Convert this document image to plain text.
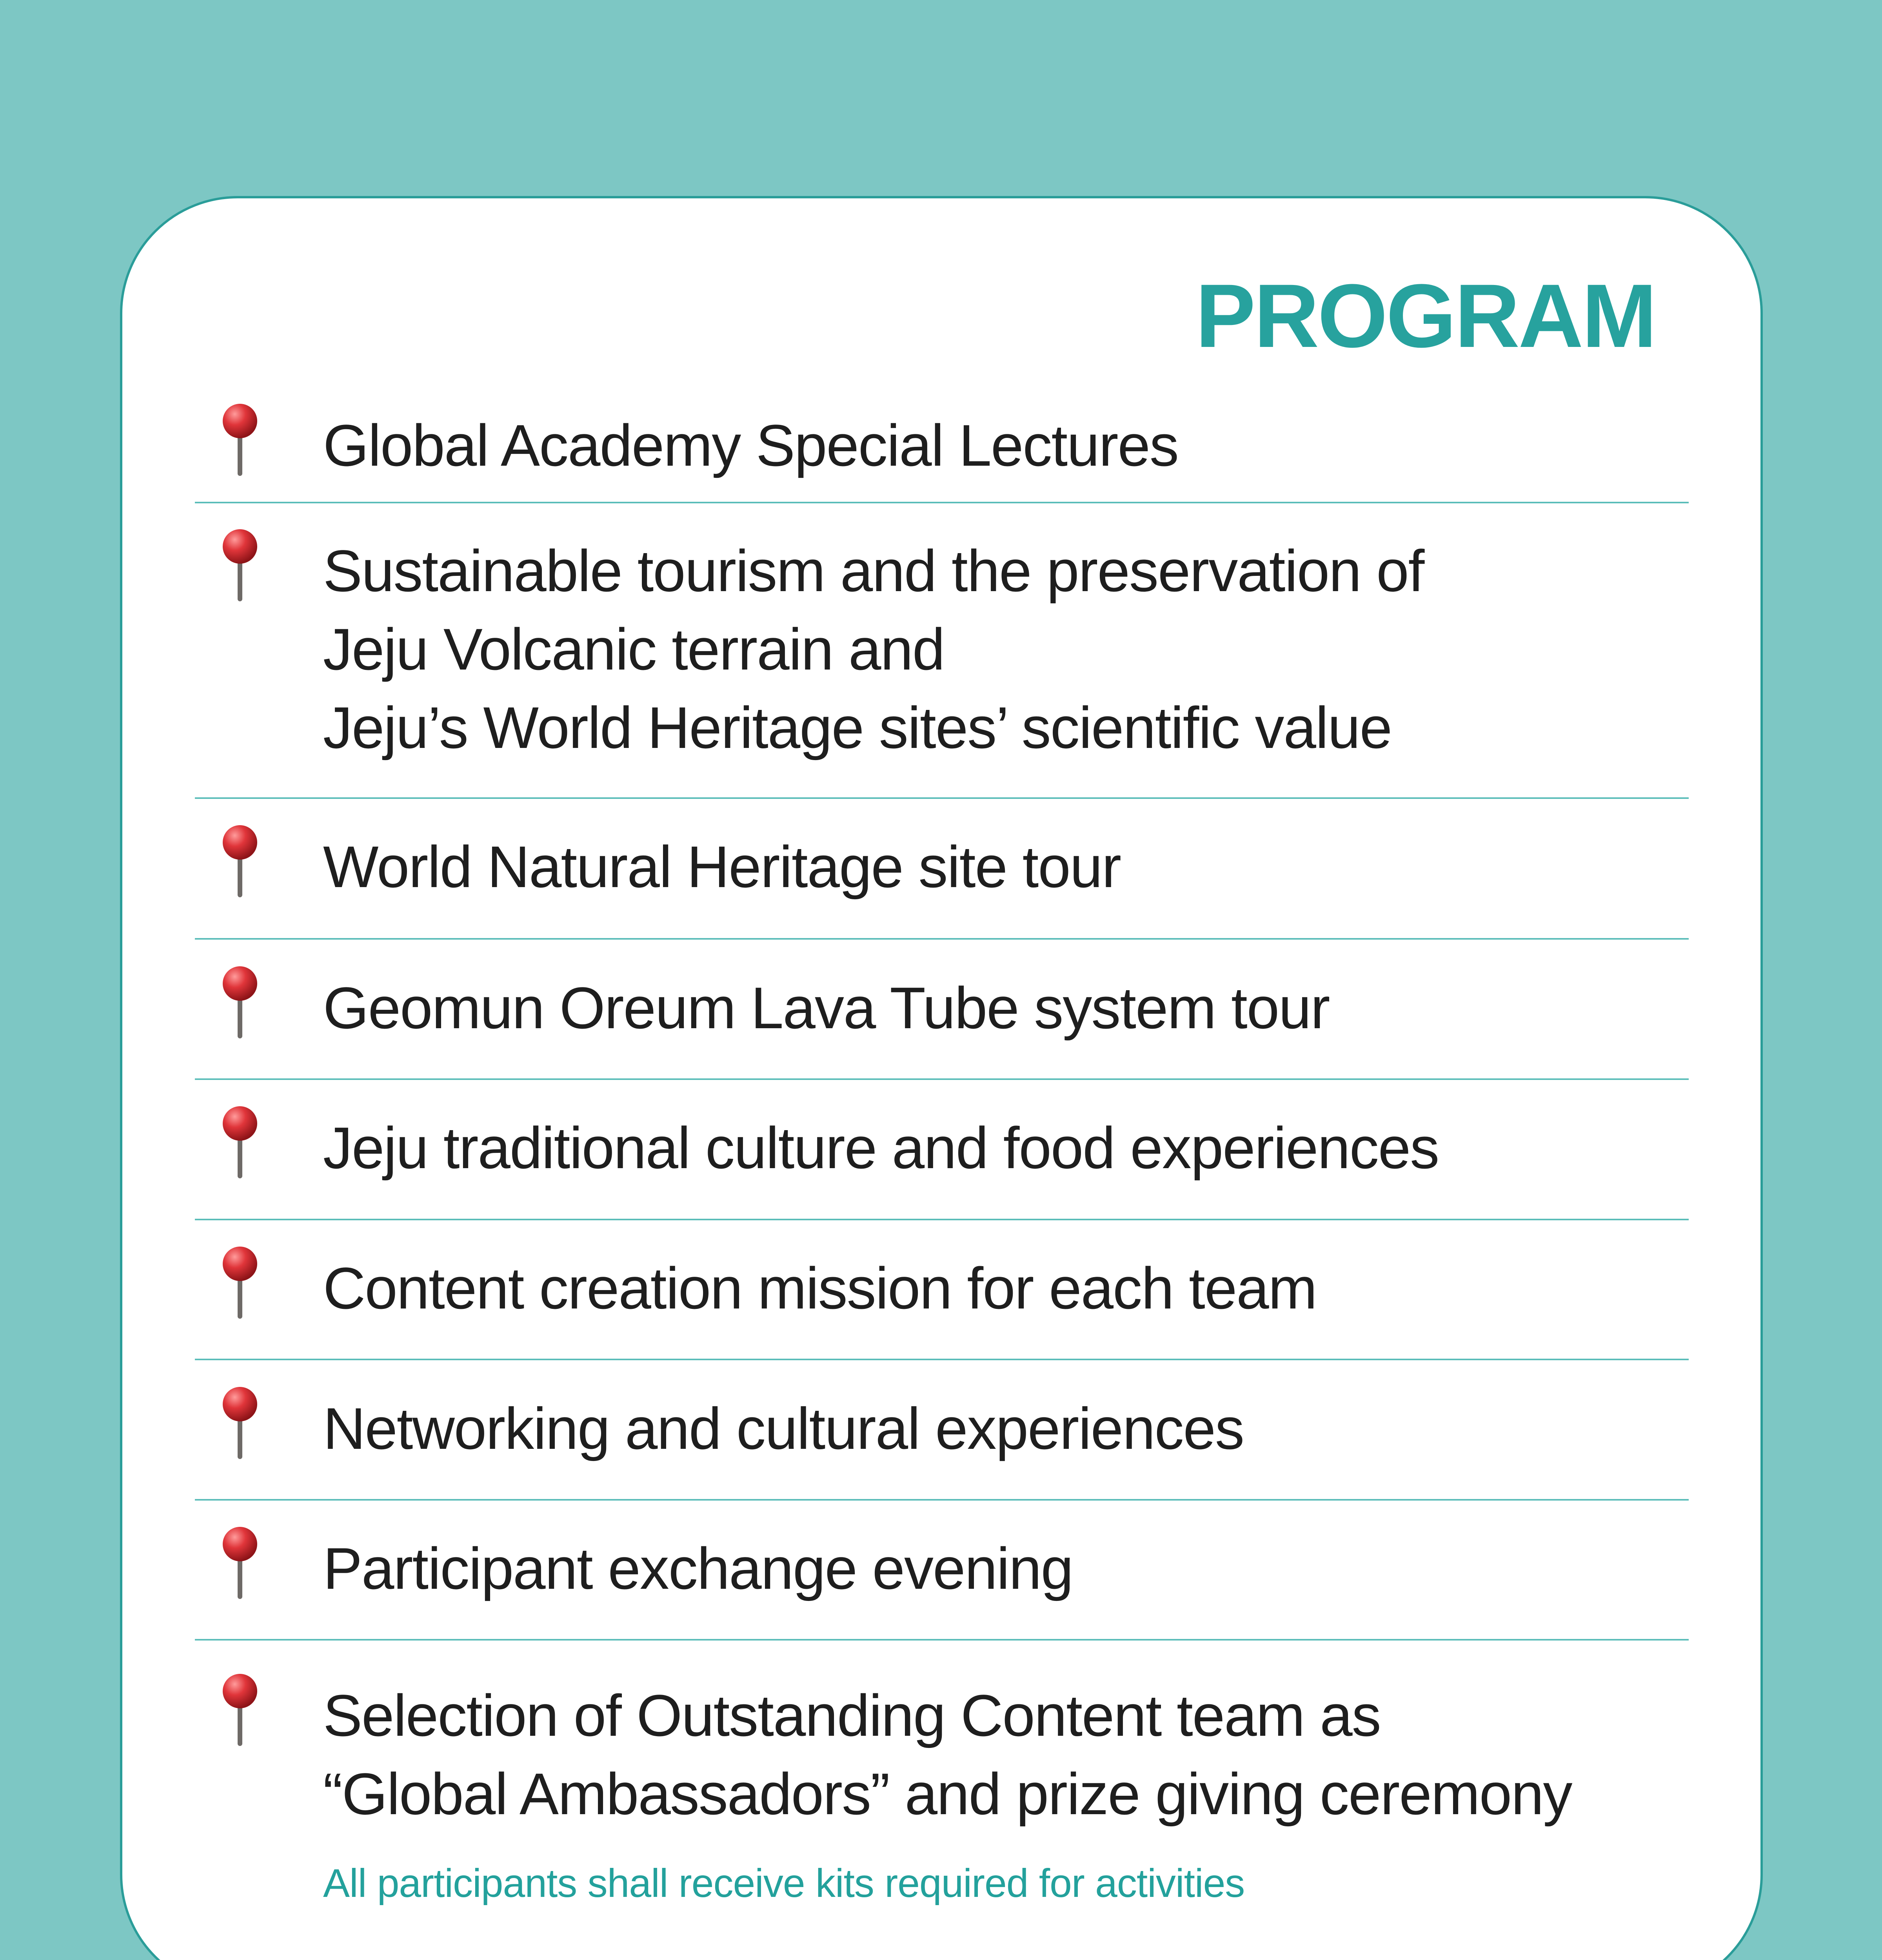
PROGRAM
Global Academy Special Lectures
Sustainable tourism and the preservation of
Jeju Volcanic terrain and
Jeju’s World Heritage sites’ scientific value
World Natural Heritage site tour
Geomun Oreum Lava Tube system tour
Jeju traditional culture and food experiences
Content creation mission for each team
Networking and cultural experiences
Participant exchange evening
Selection of Outstanding Content team as
“Global Ambassadors” and prize giving ceremony
All participants shall receive kits required for activities
